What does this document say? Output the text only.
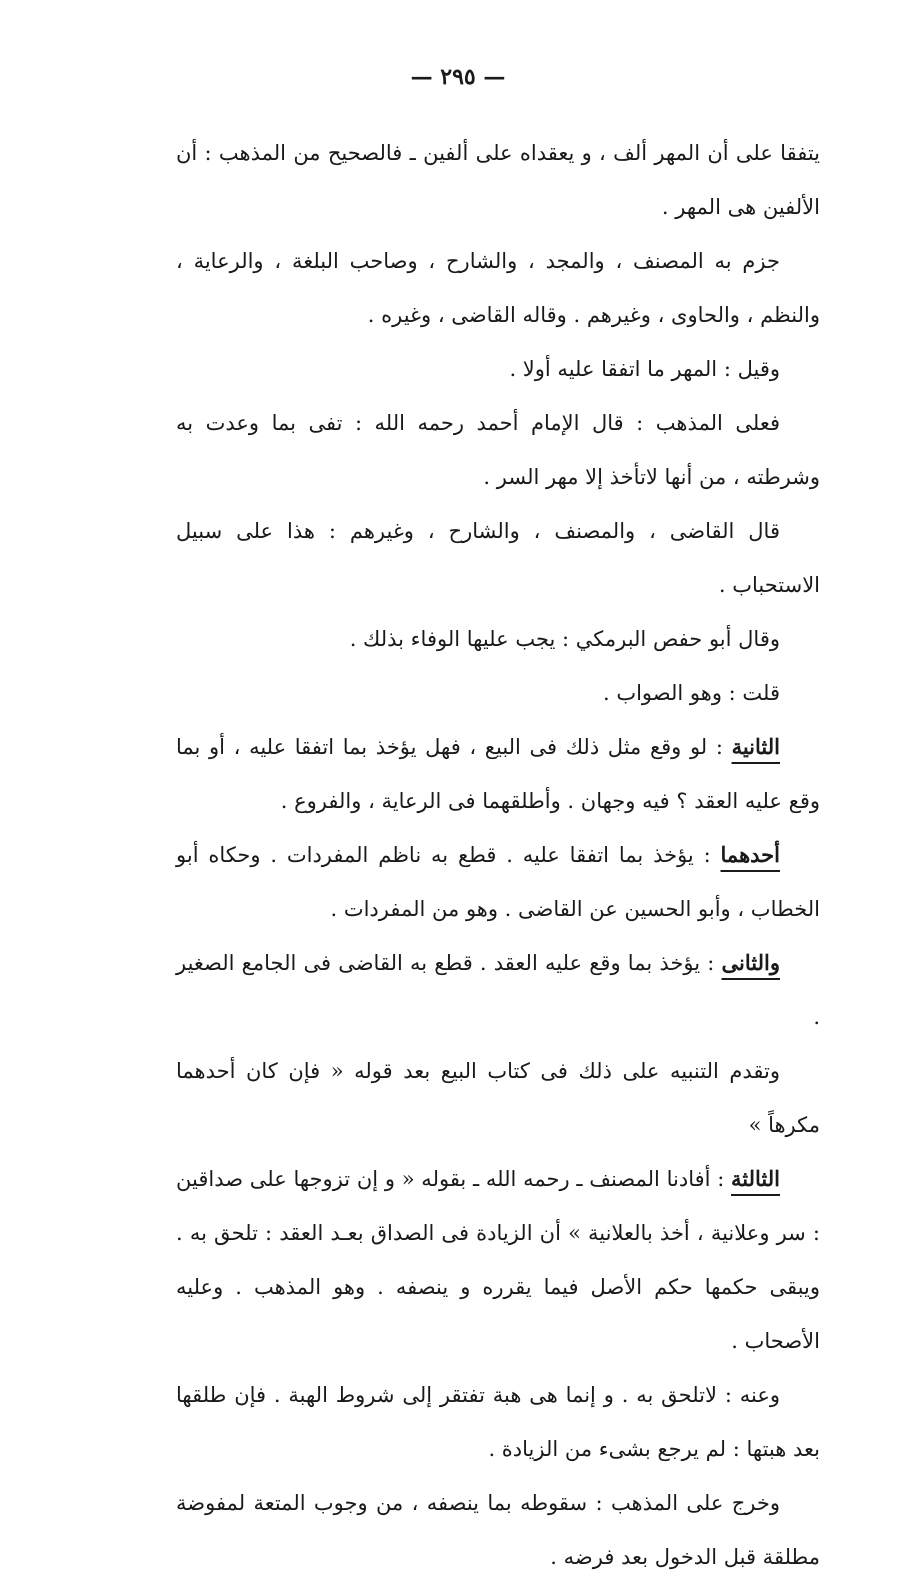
— ٢٩٥ —

يتفقا على أن المهر ألف ، و يعقداه على ألفين ـ فالصحيح من المذهب : أن الألفين هى المهر .

جزم به المصنف ، والمجد ، والشارح ، وصاحب البلغة ، والرعاية ، والنظم ، والحاوى ، وغيرهم . وقاله القاضى ، وغيره .

وقيل : المهر ما اتفقا عليه أولا .

فعلى المذهب : قال الإمام أحمد رحمه الله : تفى بما وعدت به وشرطته ، من أنها لاتأخذ إلا مهر السر .

قال القاضى ، والمصنف ، والشارح ، وغيرهم : هذا على سبيل الاستحباب .

وقال أبو حفص البرمكي : يجب عليها الوفاء بذلك .

قلت : وهو الصواب .

الثانية : لو وقع مثل ذلك فى البيع ، فهل يؤخذ بما اتفقا عليه ، أو بما وقع عليه العقد ؟ فيه وجهان . وأطلقهما فى الرعاية ، والفروع .

أحدهما : يؤخذ بما اتفقا عليه . قطع به ناظم المفردات . وحكاه أبو الخطاب ، وأبو الحسين عن القاضى . وهو من المفردات .

والثانى : يؤخذ بما وقع عليه العقد . قطع به القاضى فى الجامع الصغير .

وتقدم التنبيه على ذلك فى كتاب البيع بعد قوله « فإن كان أحدهما مكرهاً »

الثالثة : أفادنا المصنف ـ رحمه الله ـ بقوله « و إن تزوجها على صداقين : سر وعلانية ، أخذ بالعلانية » أن الزيادة فى الصداق بعـد العقد : تلحق به . ويبقى حكمها حكم الأصل فيما يقرره و ينصفه . وهو المذهب . وعليه الأصحاب .

وعنه : لاتلحق به . و إنما هى هبة تفتقر إلى شروط الهبة . فإن طلقها بعد هبتها : لم يرجع بشىء من الزيادة .

وخرج على المذهب : سقوطه بما ينصفه ، من وجوب المتعة لمفوضة مطلقة قبل الدخول بعد فرضه .
